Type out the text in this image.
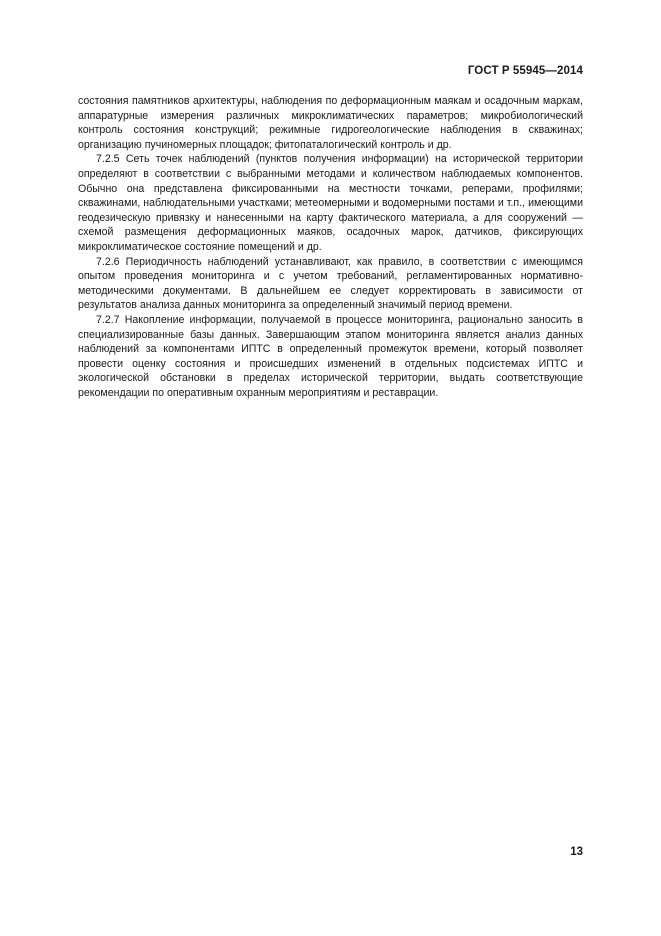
ГОСТ Р 55945—2014

состояния памятников архитектуры, наблюдения по деформационным маякам и осадочным маркам, аппаратурные измерения различных микроклиматических параметров; микробиологический контроль состояния конструкций; режимные гидрогеологические наблюдения в скважинах; организацию пучиномерных площадок; фитопаталогический контроль и др.

7.2.5 Сеть точек наблюдений (пунктов получения информации) на исторической территории определяют в соответствии с выбранными методами и количеством наблюдаемых компонентов. Обычно она представлена фиксированными на местности точками, реперами, профилями; скважинами, наблюдательными участками; метеомерными и водомерными постами и т.п., имеющими геодезическую привязку и нанесенными на карту фактического материала, а для сооружений — схемой размещения деформационных маяков, осадочных марок, датчиков, фиксирующих микроклиматическое состояние помещений и др.

7.2.6 Периодичность наблюдений устанавливают, как правило, в соответствии с имеющимся опытом проведения мониторинга и с учетом требований, регламентированных нормативно-методическими документами. В дальнейшем ее следует корректировать в зависимости от результатов анализа данных мониторинга за определенный значимый период времени.

7.2.7 Накопление информации, получаемой в процессе мониторинга, рационально заносить в специализированные базы данных. Завершающим этапом мониторинга является анализ данных наблюдений за компонентами ИПТС в определенный промежуток времени, который позволяет провести оценку состояния и происшедших изменений в отдельных подсистемах ИПТС и экологической обстановки в пределах исторической территории, выдать соответствующие рекомендации по оперативным охранным мероприятиям и реставрации.

13
